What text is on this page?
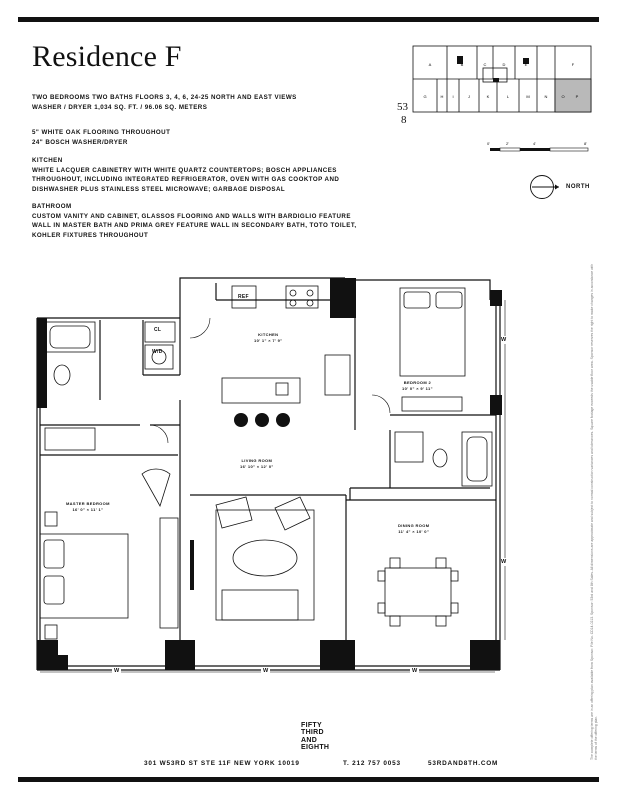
Residence F
TWO BEDROOMS TWO BATHS FLOORS 3, 4, 6, 24-25 NORTH AND EAST VIEWS
WASHER / DRYER 1,034 SQ. FT. / 96.06 SQ. METERS
5" WHITE OAK FLOORING THROUGHOUT
24" BOSCH WASHER/DRYER
KITCHEN
WHITE LACQUER CABINETRY WITH WHITE QUARTZ COUNTERTOPS; BOSCH APPLIANCES THROUGHOUT, INCLUDING INTEGRATED REFRIGERATOR, OVEN WITH GAS COOKTOP AND DISHWASHER PLUS STAINLESS STEEL MICROWAVE; GARBAGE DISPOSAL
BATHROOM
CUSTOM VANITY AND CABINET, GLASSOS FLOORING AND WALLS WITH BARDIGLIO FEATURE WALL IN MASTER BATH AND PRIMA GREY FEATURE WALL IN SECONDARY BATH, TOTO TOILET, KOHLER FIXTURES THROUGHOUT
A	B	C	D	E	F
G	H I	J	K	L	M	N	O	P
53
8
0'	2'	4'	8'
NORTH
KITCHEN
10' 1" × 7' 9"
BEDROOM 2
10' 0" × 9' 11"
LIVING ROOM
16' 10" × 12' 0"
MASTER BEDROOM
16' 0" × 11' 1"
DINING ROOM
11' 4" × 10' 0"
REF
CL
W/D
W	W	W
W
W
FIFTY
THIRD
AND
EIGHTH
301 W53RD ST STE 11F NEW YORK 10019	T. 212 757 0053	53RDAND8TH.COM
The complete offering terms are in an offering plan available from Sponsor. File No. CD14-0213. Sponsor: 53rd and 8th Sales. All dimensions are approximate and subject to normal construction variances and tolerances. Square footage exceeds the usable floor area. Sponsor reserves the right to make changes in accordance with the terms of the offering plan.
